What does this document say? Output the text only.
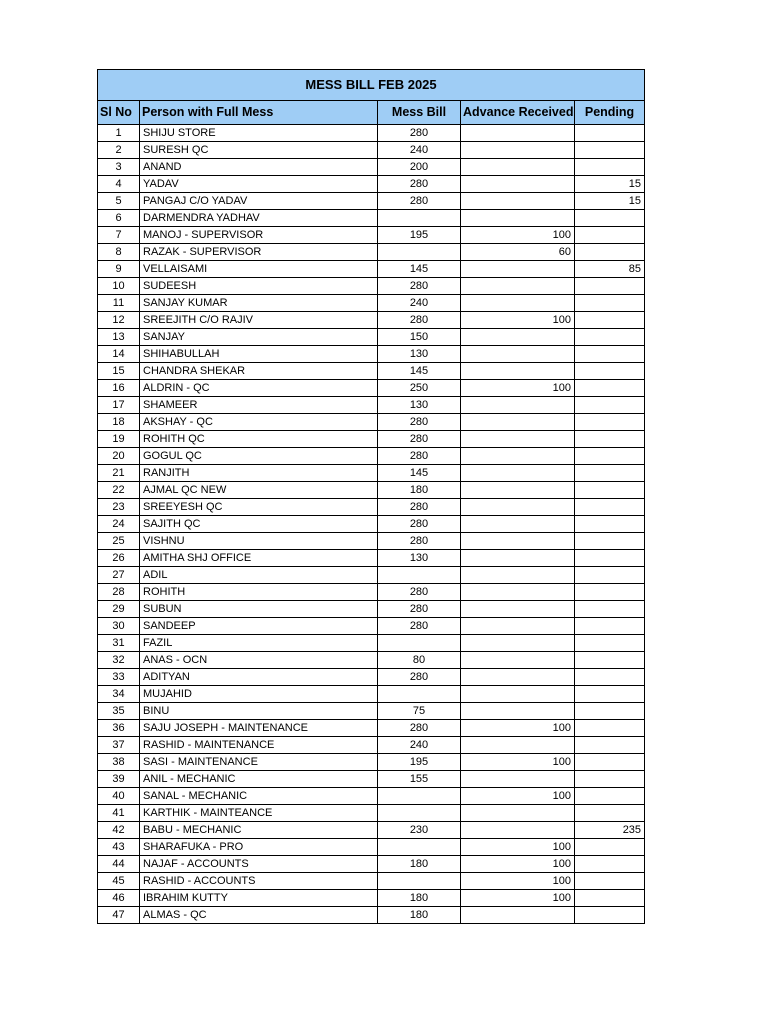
MESS BILL FEB 2025				
Sl No	Person with Full Mess	Mess Bill	Advance Received	Pending
1	SHIJU STORE	280		
2	SURESH QC	240		
3	ANAND	200		
4	YADAV	280		15
5	PANGAJ C/O YADAV	280		15
6	DARMENDRA YADHAV			
7	MANOJ - SUPERVISOR	195	100	
8	RAZAK - SUPERVISOR		60	
9	VELLAISAMI	145		85
10	SUDEESH	280		
11	SANJAY KUMAR	240		
12	SREEJITH C/O RAJIV	280	100	
13	SANJAY	150		
14	SHIHABULLAH	130		
15	CHANDRA SHEKAR	145		
16	ALDRIN - QC	250	100	
17	SHAMEER	130		
18	AKSHAY - QC	280		
19	ROHITH QC	280		
20	GOGUL QC	280		
21	RANJITH	145		
22	AJMAL QC NEW	180		
23	SREEYESH QC	280		
24	SAJITH QC	280		
25	VISHNU	280		
26	AMITHA SHJ OFFICE	130		
27	ADIL			
28	ROHITH	280		
29	SUBUN	280		
30	SANDEEP	280		
31	FAZIL			
32	ANAS - OCN	80		
33	ADITYAN	280		
34	MUJAHID			
35	BINU	75		
36	SAJU JOSEPH - MAINTENANCE	280	100	
37	RASHID - MAINTENANCE	240		
38	SASI - MAINTENANCE	195	100	
39	ANIL - MECHANIC	155		
40	SANAL - MECHANIC		100	
41	KARTHIK - MAINTEANCE			
42	BABU - MECHANIC	230		235
43	SHARAFUKA - PRO		100	
44	NAJAF - ACCOUNTS	180	100	
45	RASHID - ACCOUNTS		100	
46	IBRAHIM KUTTY	180	100	
47	ALMAS - QC	180		
